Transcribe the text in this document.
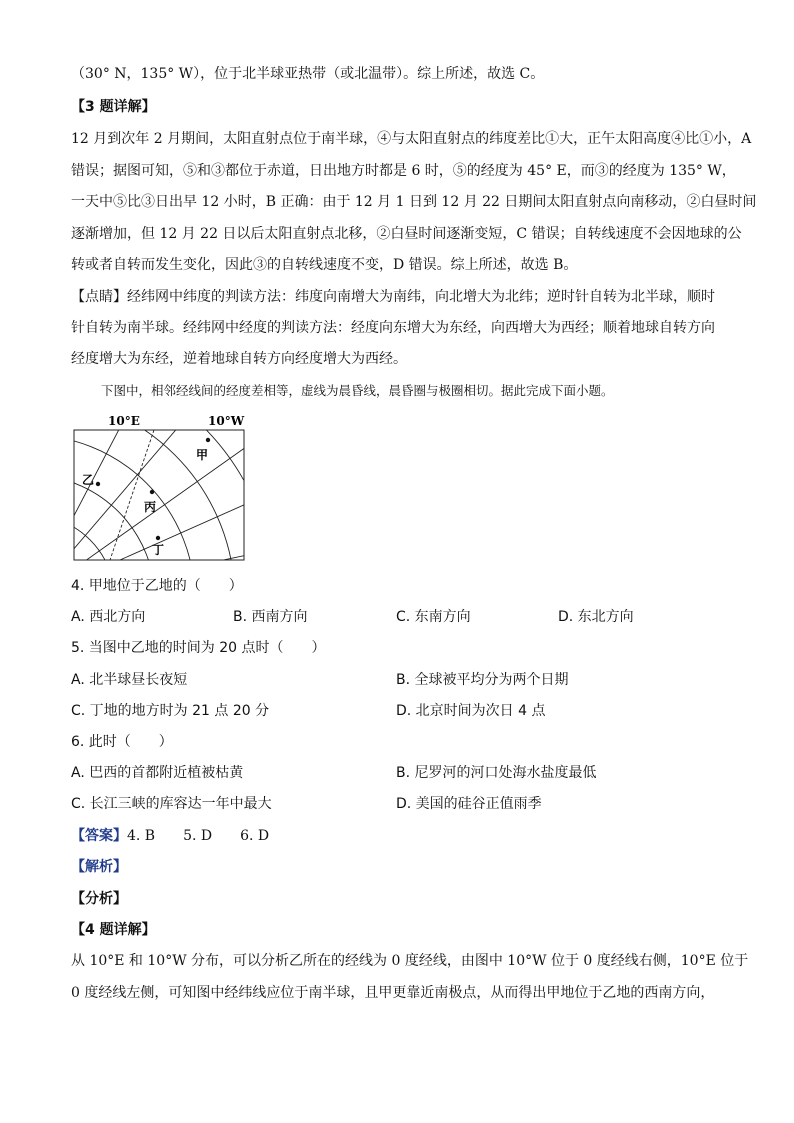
（30° N，135° W），位于北半球亚热带（或北温带）。综上所述，故选 C。
【3 题详解】
12 月到次年 2 月期间，太阳直射点位于南半球，④与太阳直射点的纬度差比①大，正午太阳高度④比①小，A
错误；据图可知，⑤和③都位于赤道，日出地方时都是 6 时，⑤的经度为 45° E，而③的经度为 135° W，
一天中⑤比③日出早 12 小时，B 正确：由于 12 月 1 日到 12 月 22 日期间太阳直射点向南移动，②白昼时间
逐渐增加，但 12 月 22 日以后太阳直射点北移，②白昼时间逐渐变短，C 错误；自转线速度不会因地球的公
转或者自转而发生变化，因此③的自转线速度不变，D 错误。综上所述，故选 B。
【点睛】经纬网中纬度的判读方法：纬度向南增大为南纬，向北增大为北纬；逆时针自转为北半球，顺时
针自转为南半球。经纬网中经度的判读方法：经度向东增大为东经，向西增大为西经；顺着地球自转方向
经度增大为东经，逆着地球自转方向经度增大为西经。
下图中，相邻经线间的经度差相等，虚线为晨昏线，晨昏圈与极圈相切。据此完成下面小题。
10°E	10°W
甲
乙
丙
丁
4. 甲地位于乙地的（　　）
A. 西北方向	B. 西南方向	C. 东南方向	D. 东北方向
5. 当图中乙地的时间为 20 点时（　　）
A. 北半球昼长夜短	B. 全球被平均分为两个日期
C. 丁地的地方时为 21 点 20 分	D. 北京时间为次日 4 点
6. 此时（　　）
A. 巴西的首都附近植被枯黄	B. 尼罗河的河口处海水盐度最低
C. 长江三峡的库容达一年中最大	D. 美国的硅谷正值雨季
【答案】4. B　　5. D　　6. D
【解析】
【分析】
【4 题详解】
从 10°E 和 10°W 分布，可以分析乙所在的经线为 0 度经线，由图中 10°W 位于 0 度经线右侧，10°E 位于
0 度经线左侧，可知图中经纬线应位于南半球，且甲更靠近南极点，从而得出甲地位于乙地的西南方向，
